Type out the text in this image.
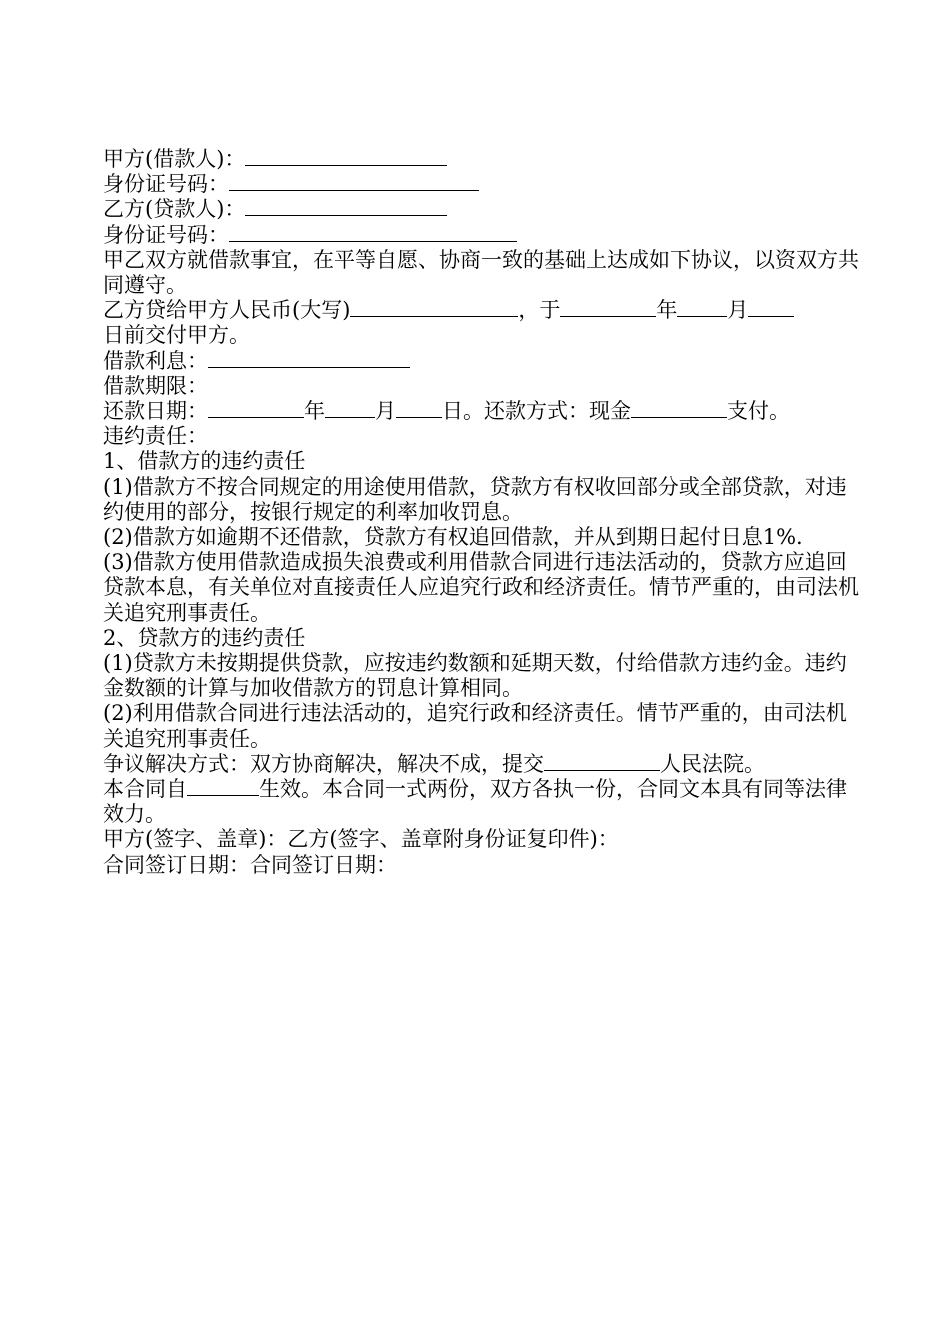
甲方(借款人)：
身份证号码：
乙方(贷款人)：
身份证号码：
甲乙双方就借款事宜，在平等自愿、协商一致的基础上达成如下协议，以资双方共同遵守。
乙方贷给甲方人民币(大写)	，于	年 月
日前交付甲方。
借款利息：
借款期限：
还款日期：	年 月 日。还款方式：现金	支付。
违约责任：
1、借款方的违约责任
(1)借款方不按合同规定的用途使用借款，贷款方有权收回部分或全部贷款，对违约使用的部分，按银行规定的利率加收罚息。
(2)借款方如逾期不还借款，贷款方有权追回借款，并从到期日起付日息1%.
(3)借款方使用借款造成损失浪费或利用借款合同进行违法活动的，贷款方应追回贷款本息，有关单位对直接责任人应追究行政和经济责任。情节严重的，由司法机关追究刑事责任。
2、贷款方的违约责任
(1)贷款方未按期提供贷款，应按违约数额和延期天数，付给借款方违约金。违约金数额的计算与加收借款方的罚息计算相同。
(2)利用借款合同进行违法活动的，追究行政和经济责任。情节严重的，由司法机关追究刑事责任。
争议解决方式：双方协商解决，解决不成，提交	人民法院。
本合同自	生效。本合同一式两份，双方各执一份，合同文本具有同等法律效力。
甲方(签字、盖章)：乙方(签字、盖章附身份证复印件)：
合同签订日期：合同签订日期：
